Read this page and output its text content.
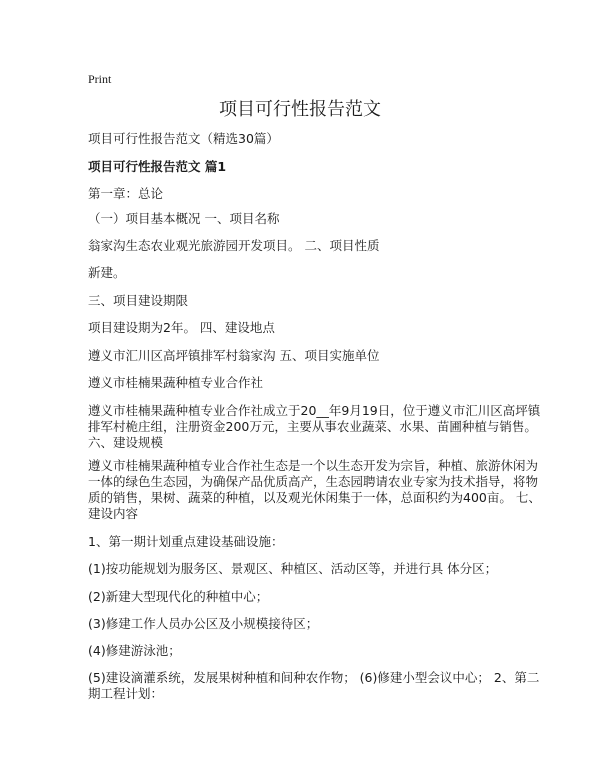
Print
项目可行性报告范文
项目可行性报告范文（精选30篇）
项目可行性报告范文 篇1
第一章：总论
（一）项目基本概况 一、项目名称
翁家沟生态农业观光旅游园开发项目。 二、项目性质
新建。
三、项目建设期限
项目建设期为2年。 四、建设地点
遵义市汇川区高坪镇排军村翁家沟 五、项目实施单位
遵义市桂楠果蔬种植专业合作社
遵义市桂楠果蔬种植专业合作社成立于20__年9月19日，位于遵义市汇川区高坪镇
排军村桅庄组，注册资金200万元，主要从事农业蔬菜、水果、苗圃种植与销售。
六、建设规模
遵义市桂楠果蔬种植专业合作社生态是一个以生态开发为宗旨，种植、旅游休闲为
一体的绿色生态园，为确保产品优质高产，生态园聘请农业专家为技术指导，将物
质的销售，果树、蔬菜的种植，以及观光休闲集于一体，总面积约为400亩。 七、
建设内容
1、第一期计划重点建设基础设施：
(1)按功能规划为服务区、景观区、种植区、活动区等，并进行具 体分区；
(2)新建大型现代化的种植中心；
(3)修建工作人员办公区及小规模接待区；
(4)修建游泳池；
(5)建设滴灌系统，发展果树种植和间种农作物； (6)修建小型会议中心； 2、第二
期工程计划：
